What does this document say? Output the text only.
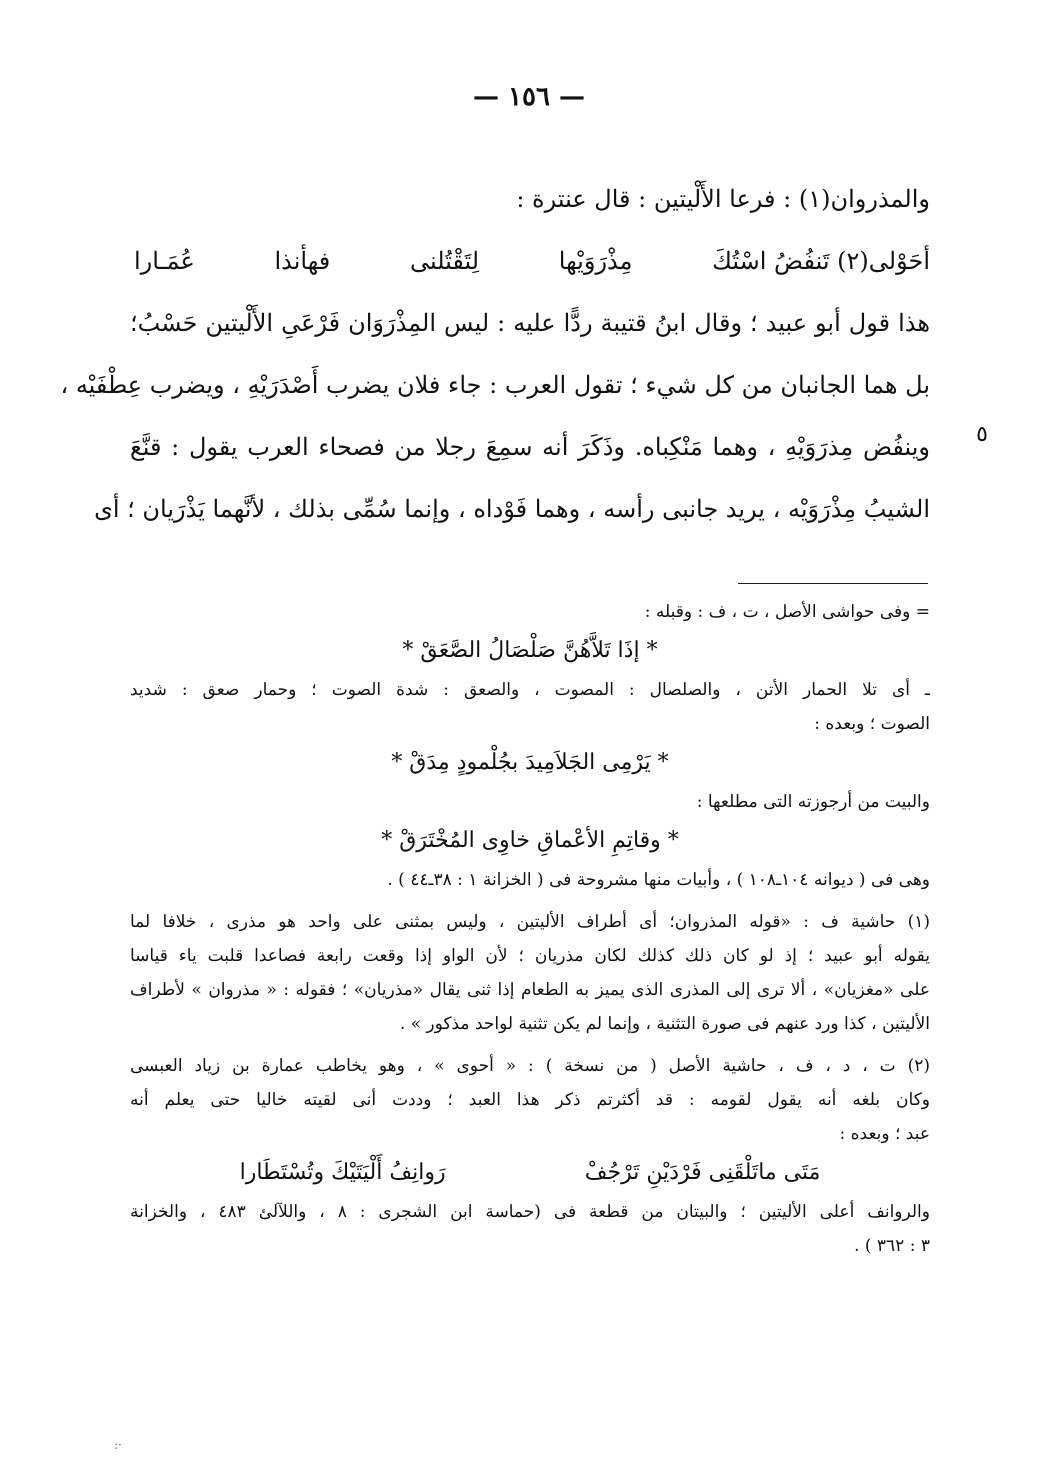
— ١٥٦ —
والمذروان(١) : فرعا الأَلْيتين : قال عنترة :
أحَوْلى(٢) تَنفُضُ اسْتُكَ
مِذْرَوَيْها
لِتَقْتُلنى
فهأنذا
عُمَـارا
هذا قول أبو عبيد ؛ وقال ابنُ قتيبة ردًّا عليه : ليس المِذْرَوَان فَرْعَىِ الأَلْيتين حَسْبُ؛
بل هما الجانبان من كل شيء ؛ تقول العرب : جاء فلان يضرب أَصْدَرَيْهِ ، ويضرب عِطْفَيْه ،
وينفُض مِذرَوَيْهِ ، وهما مَنْكِباه. وذَكَرَ أنه سمِعَ رجلا من فصحاء العرب يقول : قنَّعَ
الشيبُ مِذْرَوَيْه ، يريد جانبى رأسه ، وهما فَوْداه ، وإنما سُمِّى بذلك ، لأنَّهما يَذْرَيان ؛ أى
٥
= وفى حواشى الأصل ، ت ، ف : وقبله :
* إذَا تَلاَّهُنَّ صَلْصَالُ الصَّعَقْ *
ـ أى تلا الحمار الأتن ، والصلصال : المصوت ، والصعق : شدة الصوت ؛ وحمار صعق : شديد
الصوت ؛ وبعده :
* يَرْمِى الجَلاَمِيدَ بجُلْمودٍ مِدَقْ *
والبيت من أرجوزته التى مطلعها :
* وقاتِمِ الأعْماقِ خاوِى المُخْتَرَقْ *
وهى فى ( ديوانه ١٠٤ـ١٠٨ ) ، وأبيات منها مشروحة فى ( الخزانة ١ : ٣٨ـ٤٤ ) .
(١) حاشية ف : «قوله المذروان؛ أى أطراف الأليتين ، وليس بمثنى على واحد هو مذرى ، خلافا لما
يقوله أبو عبيد ؛ إذ لو كان ذلك كذلك لكان مذريان ؛ لأن الواو إذا وقعت رابعة فصاعدا قلبت ياء قياسا
على «مغزيان» ، ألا ترى إلى المذرى الذى يميز به الطعام إذا ثنى يقال «مذريان» ؛ فقوله : « مذروان » لأطراف
الأليتين ، كذا ورد عنهم فى صورة التثنية ، وإنما لم يكن تثنية لواحد مذكور » .
(٢) ت ، د ، ف ، حاشية الأصل ( من نسخة ) : « أحوى » ، وهو يخاطب عمارة بن زياد العبسى
وكان بلغه أنه يقول لقومه : قد أكثرتم ذكر هذا العبد ؛ وددت أنى لقيته خاليا حتى يعلم أنه
عبد ؛ وبعده :
مَتَى ماتَلْقَنِى فَرْدَيْنِ تَرْجُفْ
رَوانِفُ أَلْيَتَيْكَ وتُسْتَطَارا
والروانف أعلى الأليتين ؛ والبيتان من قطعة فى (حماسة ابن الشجرى : ٨ ، واللآلئ ٤٨٣ ، والخزانة
٣ : ٣٦٢ ) .
·:
